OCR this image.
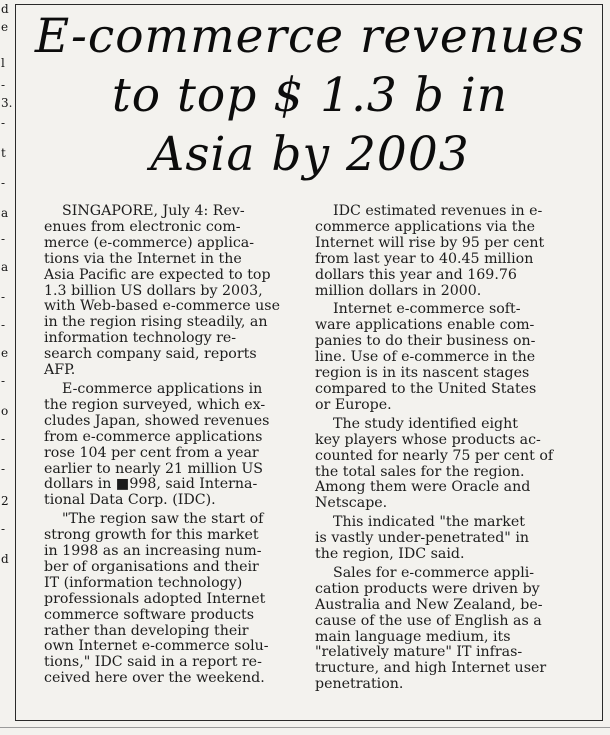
d
e
l
-
3.
-
t
-
a
-
a
-
-
e
-
o
-
-
2
-
d
E-commerce revenues
to top $ 1.3 b in
Asia by 2003

SINGAPORE, July 4: Rev-
enues from electronic com-
merce (e-commerce) applica-
tions via the Internet in the
Asia Pacific are expected to top
1.3 billion US dollars by 2003,
with Web-based e-commerce use
in the region rising steadily, an
information technology re-
search company said, reports
AFP.

E-commerce applications in
the region surveyed, which ex-
cludes Japan, showed revenues
from e-commerce applications
rose 104 per cent from a year
earlier to nearly 21 million US
dollars in ■998, said Interna-
tional Data Corp. (IDC).

"The region saw the start of
strong growth for this market
in 1998 as an increasing num-
ber of organisations and their
IT (information technology)
professionals adopted Internet
commerce software products
rather than developing their
own Internet e-commerce solu-
tions," IDC said in a report re-
ceived here over the weekend.

IDC estimated revenues in e-
commerce applications via the
Internet will rise by 95 per cent
from last year to 40.45 million
dollars this year and 169.76
million dollars in 2000.

Internet e-commerce soft-
ware applications enable com-
panies to do their business on-
line. Use of e-commerce in the
region is in its nascent stages
compared to the United States
or Europe.

The study identified eight
key players whose products ac-
counted for nearly 75 per cent of
the total sales for the region.
Among them were Oracle and
Netscape.

This indicated "the market
is vastly under-penetrated" in
the region, IDC said.

Sales for e-commerce appli-
cation products were driven by
Australia and New Zealand, be-
cause of the use of English as a
main language medium, its
"relatively mature" IT infras-
tructure, and high Internet user
penetration.
